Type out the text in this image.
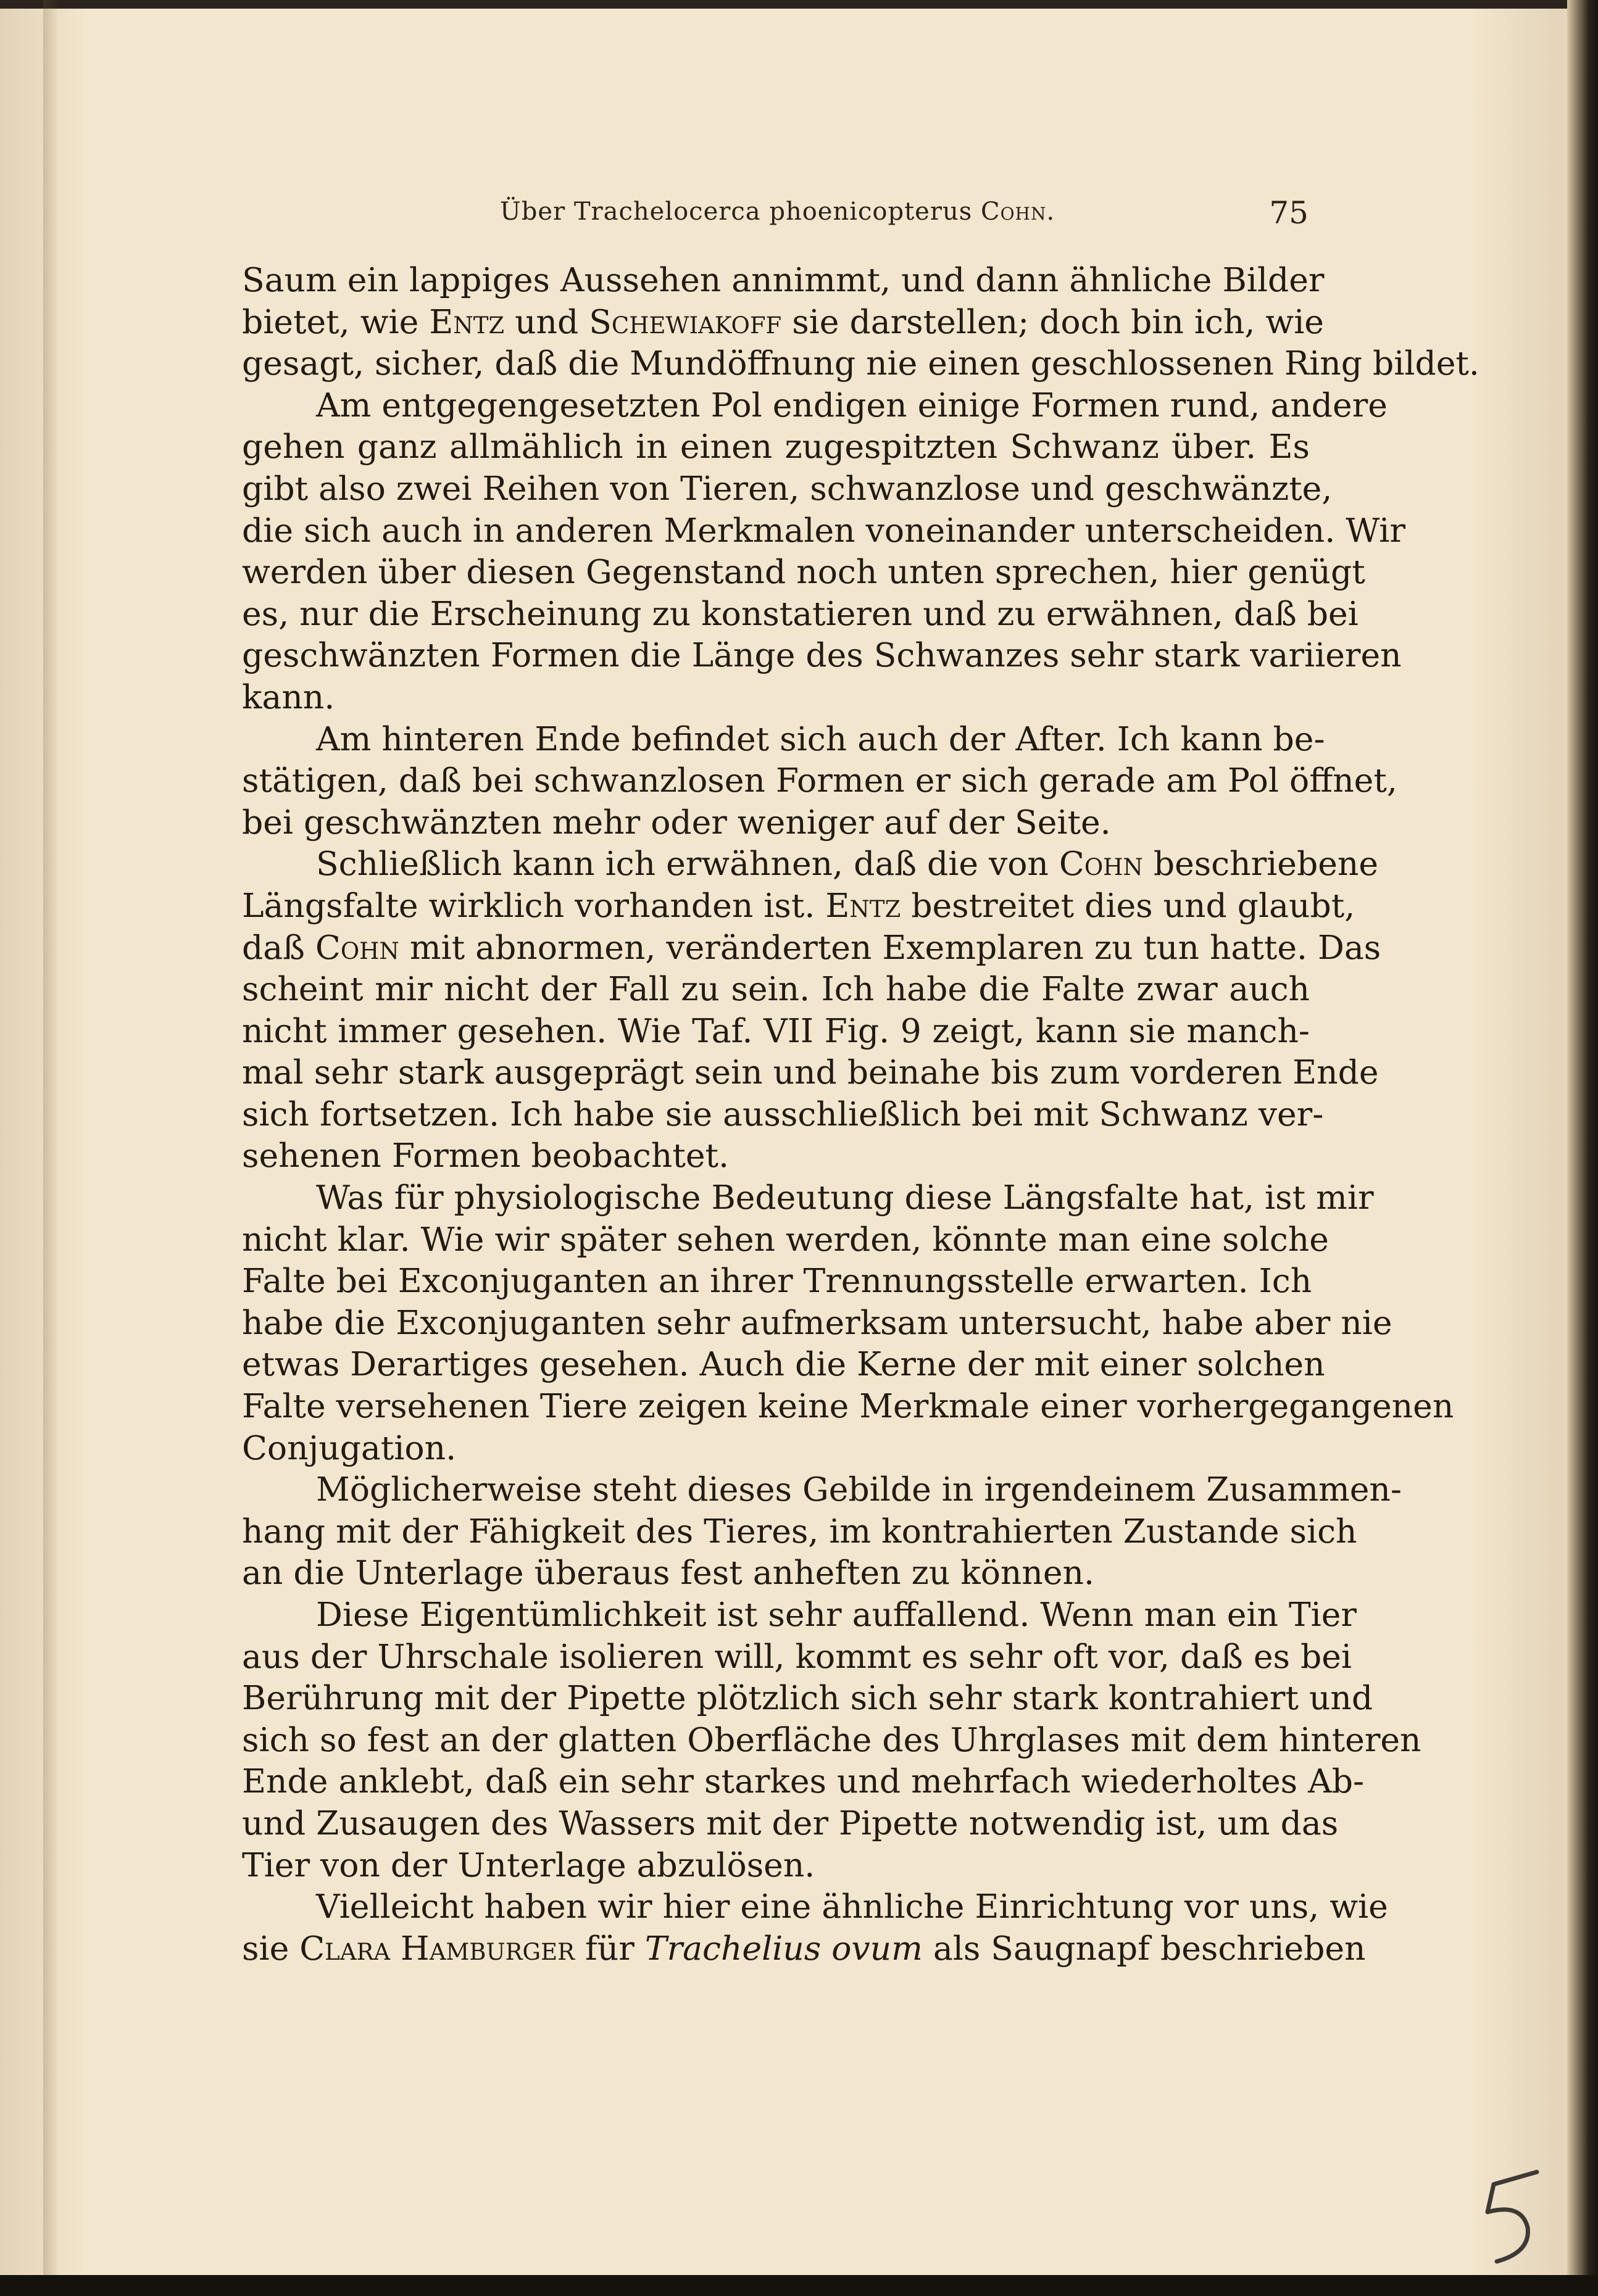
Über Trachelocerca phoenicopterus Cohn.	75
Saum ein lappiges Aussehen annimmt, und dann ähnliche Bilder
bietet, wie Entz und Schewiakoff sie darstellen; doch bin ich, wie
gesagt, sicher, daß die Mundöffnung nie einen geschlossenen Ring bildet.
Am entgegengesetzten Pol endigen einige Formen rund, andere
gehen ganz allmählich in einen zugespitzten Schwanz über. Es
gibt also zwei Reihen von Tieren, schwanzlose und geschwänzte,
die sich auch in anderen Merkmalen voneinander unterscheiden. Wir
werden über diesen Gegenstand noch unten sprechen, hier genügt
es, nur die Erscheinung zu konstatieren und zu erwähnen, daß bei
geschwänzten Formen die Länge des Schwanzes sehr stark variieren
kann.
Am hinteren Ende befindet sich auch der After. Ich kann be-
stätigen, daß bei schwanzlosen Formen er sich gerade am Pol öffnet,
bei geschwänzten mehr oder weniger auf der Seite.
Schließlich kann ich erwähnen, daß die von Cohn beschriebene
Längsfalte wirklich vorhanden ist. Entz bestreitet dies und glaubt,
daß Cohn mit abnormen, veränderten Exemplaren zu tun hatte. Das
scheint mir nicht der Fall zu sein. Ich habe die Falte zwar auch
nicht immer gesehen. Wie Taf. VII Fig. 9 zeigt, kann sie manch-
mal sehr stark ausgeprägt sein und beinahe bis zum vorderen Ende
sich fortsetzen. Ich habe sie ausschließlich bei mit Schwanz ver-
sehenen Formen beobachtet.
Was für physiologische Bedeutung diese Längsfalte hat, ist mir
nicht klar. Wie wir später sehen werden, könnte man eine solche
Falte bei Exconjuganten an ihrer Trennungsstelle erwarten. Ich
habe die Exconjuganten sehr aufmerksam untersucht, habe aber nie
etwas Derartiges gesehen. Auch die Kerne der mit einer solchen
Falte versehenen Tiere zeigen keine Merkmale einer vorhergegangenen
Conjugation.
Möglicherweise steht dieses Gebilde in irgendeinem Zusammen-
hang mit der Fähigkeit des Tieres, im kontrahierten Zustande sich
an die Unterlage überaus fest anheften zu können.
Diese Eigentümlichkeit ist sehr auffallend. Wenn man ein Tier
aus der Uhrschale isolieren will, kommt es sehr oft vor, daß es bei
Berührung mit der Pipette plötzlich sich sehr stark kontrahiert und
sich so fest an der glatten Oberfläche des Uhrglases mit dem hinteren
Ende anklebt, daß ein sehr starkes und mehrfach wiederholtes Ab-
und Zusaugen des Wassers mit der Pipette notwendig ist, um das
Tier von der Unterlage abzulösen.
Vielleicht haben wir hier eine ähnliche Einrichtung vor uns, wie
sie Clara Hamburger für Trachelius ovum als Saugnapf beschrieben
